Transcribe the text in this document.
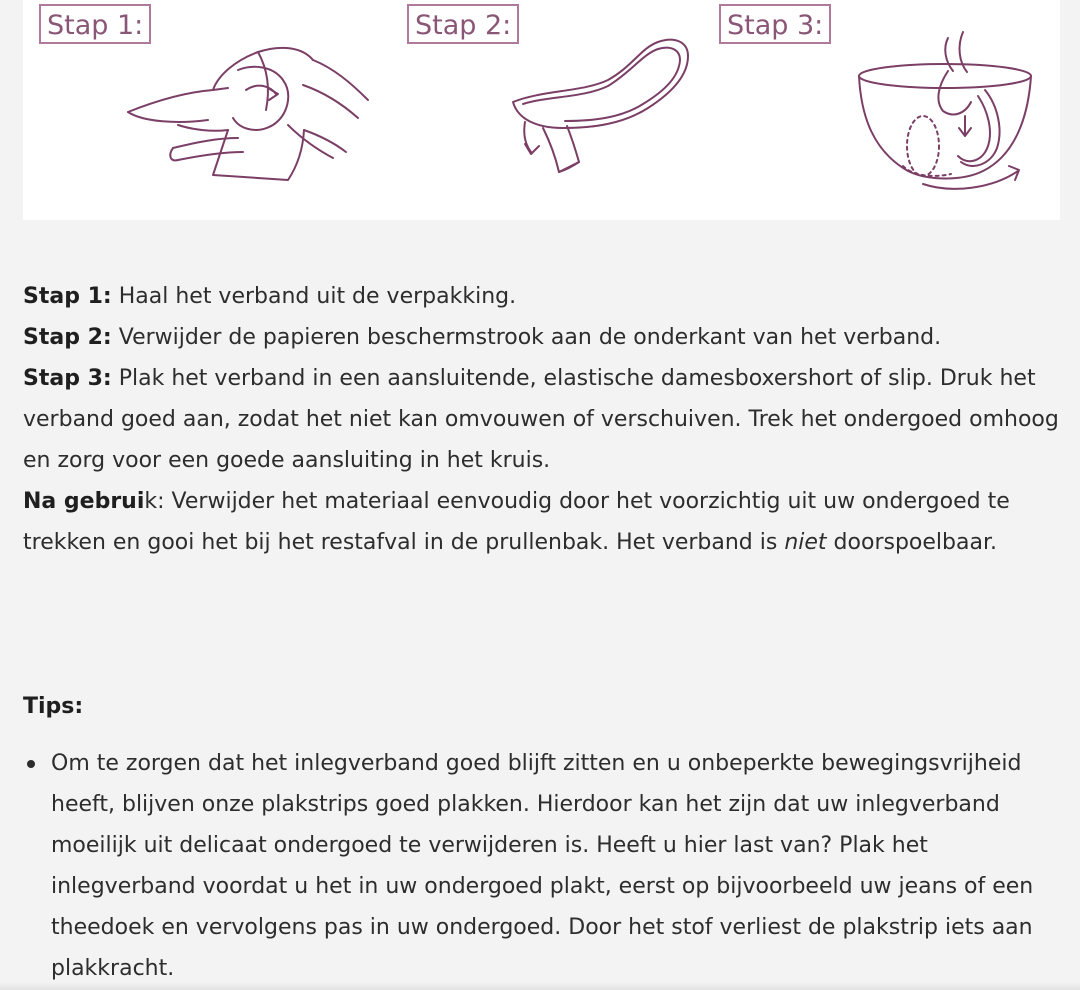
Stap 1:	Stap 2:	Stap 3:

Stap 1: Haal het verband uit de verpakking.

Stap 2: Verwijder de papieren beschermstrook aan de onderkant van het verband.

Stap 3: Plak het verband in een aansluitende, elastische damesboxershort of slip. Druk het verband goed aan, zodat het niet kan omvouwen of verschuiven. Trek het ondergoed omhoog en zorg voor een goede aansluiting in het kruis.

Na gebruik: Verwijder het materiaal eenvoudig door het voorzichtig uit uw ondergoed te trekken en gooi het bij het restafval in de prullenbak. Het verband is niet doorspoelbaar.

Tips:
Om te zorgen dat het inlegverband goed blijft zitten en u onbeperkte bewegingsvrijheid heeft, blijven onze plakstrips goed plakken. Hierdoor kan het zijn dat uw inlegverband moeilijk uit delicaat ondergoed te verwijderen is. Heeft u hier last van? Plak het inlegverband voordat u het in uw ondergoed plakt, eerst op bijvoorbeeld uw jeans of een theedoek en vervolgens pas in uw ondergoed. Door het stof verliest de plakstrip iets aan plakkracht.
